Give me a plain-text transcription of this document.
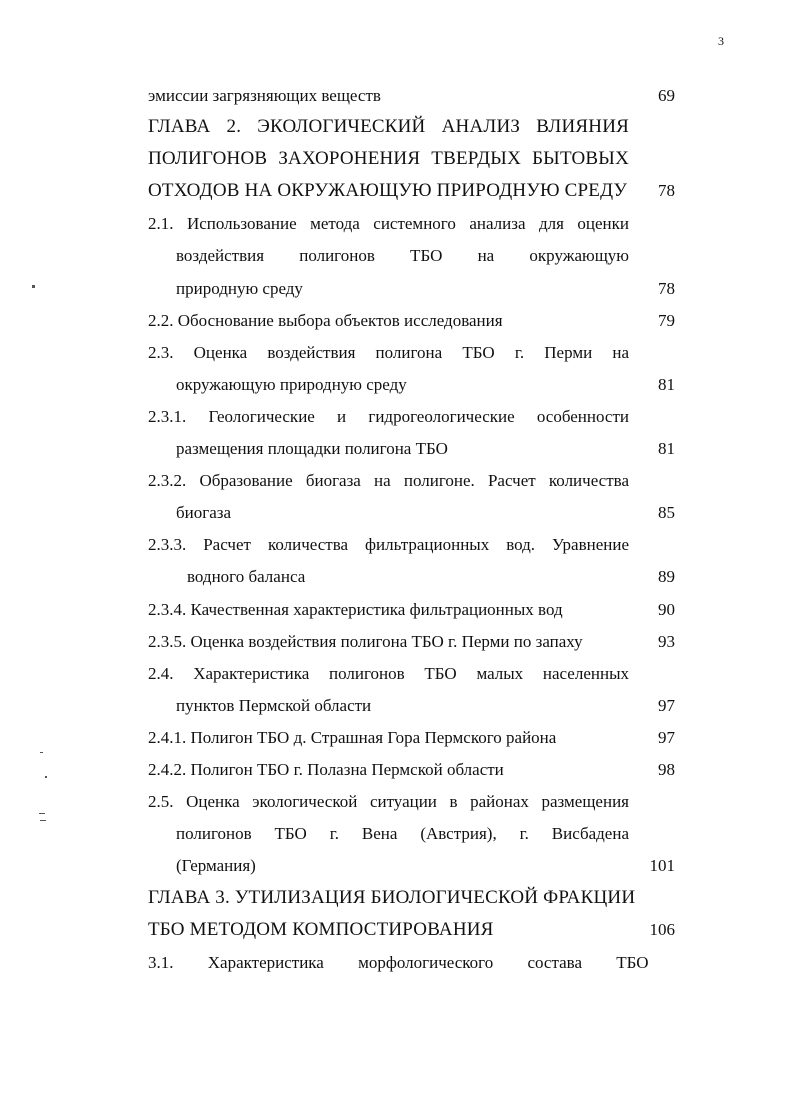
3
эмиссии загрязняющих веществ	69
ГЛАВА 2. ЭКОЛОГИЧЕСКИЙ АНАЛИЗ ВЛИЯНИЯ
ПОЛИГОНОВ ЗАХОРОНЕНИЯ ТВЕРДЫХ БЫТОВЫХ
ОТХОДОВ НА ОКРУЖАЮЩУЮ ПРИРОДНУЮ СРЕДУ	78
2.1. Использование метода системного анализа для оценки
воздействия полигонов ТБО на окружающую
природную среду	78
2.2. Обоснование выбора объектов исследования	79
2.3. Оценка воздействия полигона ТБО г. Перми на
окружающую природную среду	81
2.3.1. Геологические и гидрогеологические особенности
размещения площадки полигона ТБО	81
2.3.2. Образование биогаза на полигоне. Расчет количества
биогаза	85
2.3.3. Расчет количества фильтрационных вод. Уравнение
водного баланса	89
2.3.4. Качественная характеристика фильтрационных вод	90
2.3.5. Оценка воздействия полигона ТБО г. Перми по запаху	93
2.4. Характеристика полигонов ТБО малых населенных
пунктов Пермской области	97
2.4.1. Полигон ТБО д. Страшная Гора Пермского района	97
2.4.2. Полигон ТБО г. Полазна Пермской области	98
2.5. Оценка экологической ситуации в районах размещения
полигонов ТБО г. Вена (Австрия), г. Висбадена
(Германия)	101
ГЛАВА 3. УТИЛИЗАЦИЯ БИОЛОГИЧЕСКОЙ ФРАКЦИИ
ТБО МЕТОДОМ КОМПОСТИРОВАНИЯ	106
3.1. Характеристика морфологического состава ТБО
